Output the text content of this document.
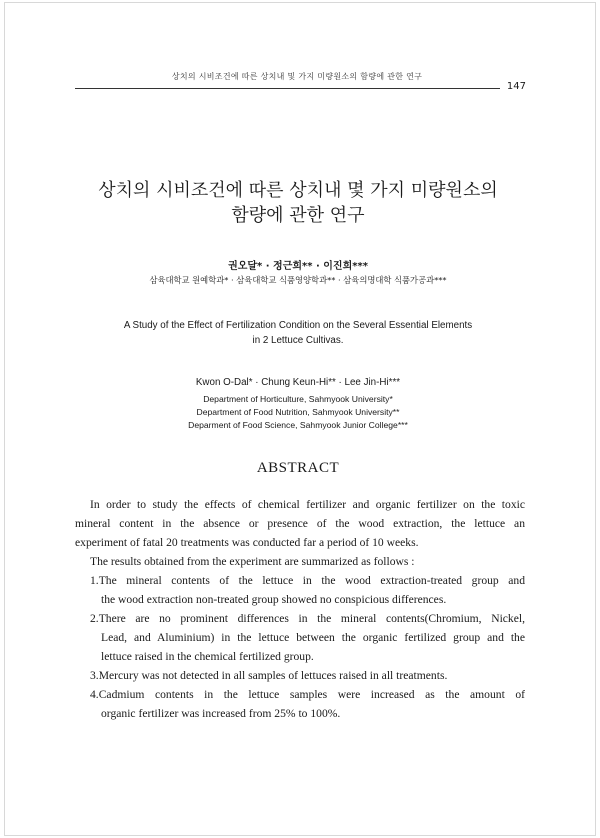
상치의 시비조건에 따른 상치내 및 가지 미량원소의 함량에 관한 연구
147
상치의 시비조건에 따른 상치내 몇 가지 미량원소의
함량에 관한 연구
권오달* · 정근희** · 이진희***
삼육대학교 원예학과* · 삼육대학교 식품영양학과** · 삼육의명대학 식품가공과***
A Study of the Effect of Fertilization Condition on the Several Essential Elements
in 2 Lettuce Cultivas.
Kwon O-Dal* · Chung Keun-Hi** · Lee Jin-Hi***
Department of Horticulture, Sahmyook University*
Department of Food Nutrition, Sahmyook University**
Deparment of Food Science, Sahmyook Junior College***
ABSTRACT
In order to study the effects of chemical fertilizer and organic fertilizer on the toxic
mineral content in the absence or presence of the wood extraction, the lettuce an
experiment of fatal 20 treatments was conducted far a period of 10 weeks.
The results obtained from the experiment are summarized as follows :
1.The mineral contents of the lettuce in the wood extraction-treated group and
the wood extraction non-treated group showed no conspicious differences.
2.There are no prominent differences in the mineral contents(Chromium, Nickel,
Lead, and Aluminium) in the lettuce between the organic fertilized group and the
lettuce raised in the chemical fertilized group.
3.Mercury was not detected in all samples of lettuces raised in all treatments.
4.Cadmium contents in the lettuce samples were increased as the amount of
organic fertilizer was increased from 25% to 100%.
